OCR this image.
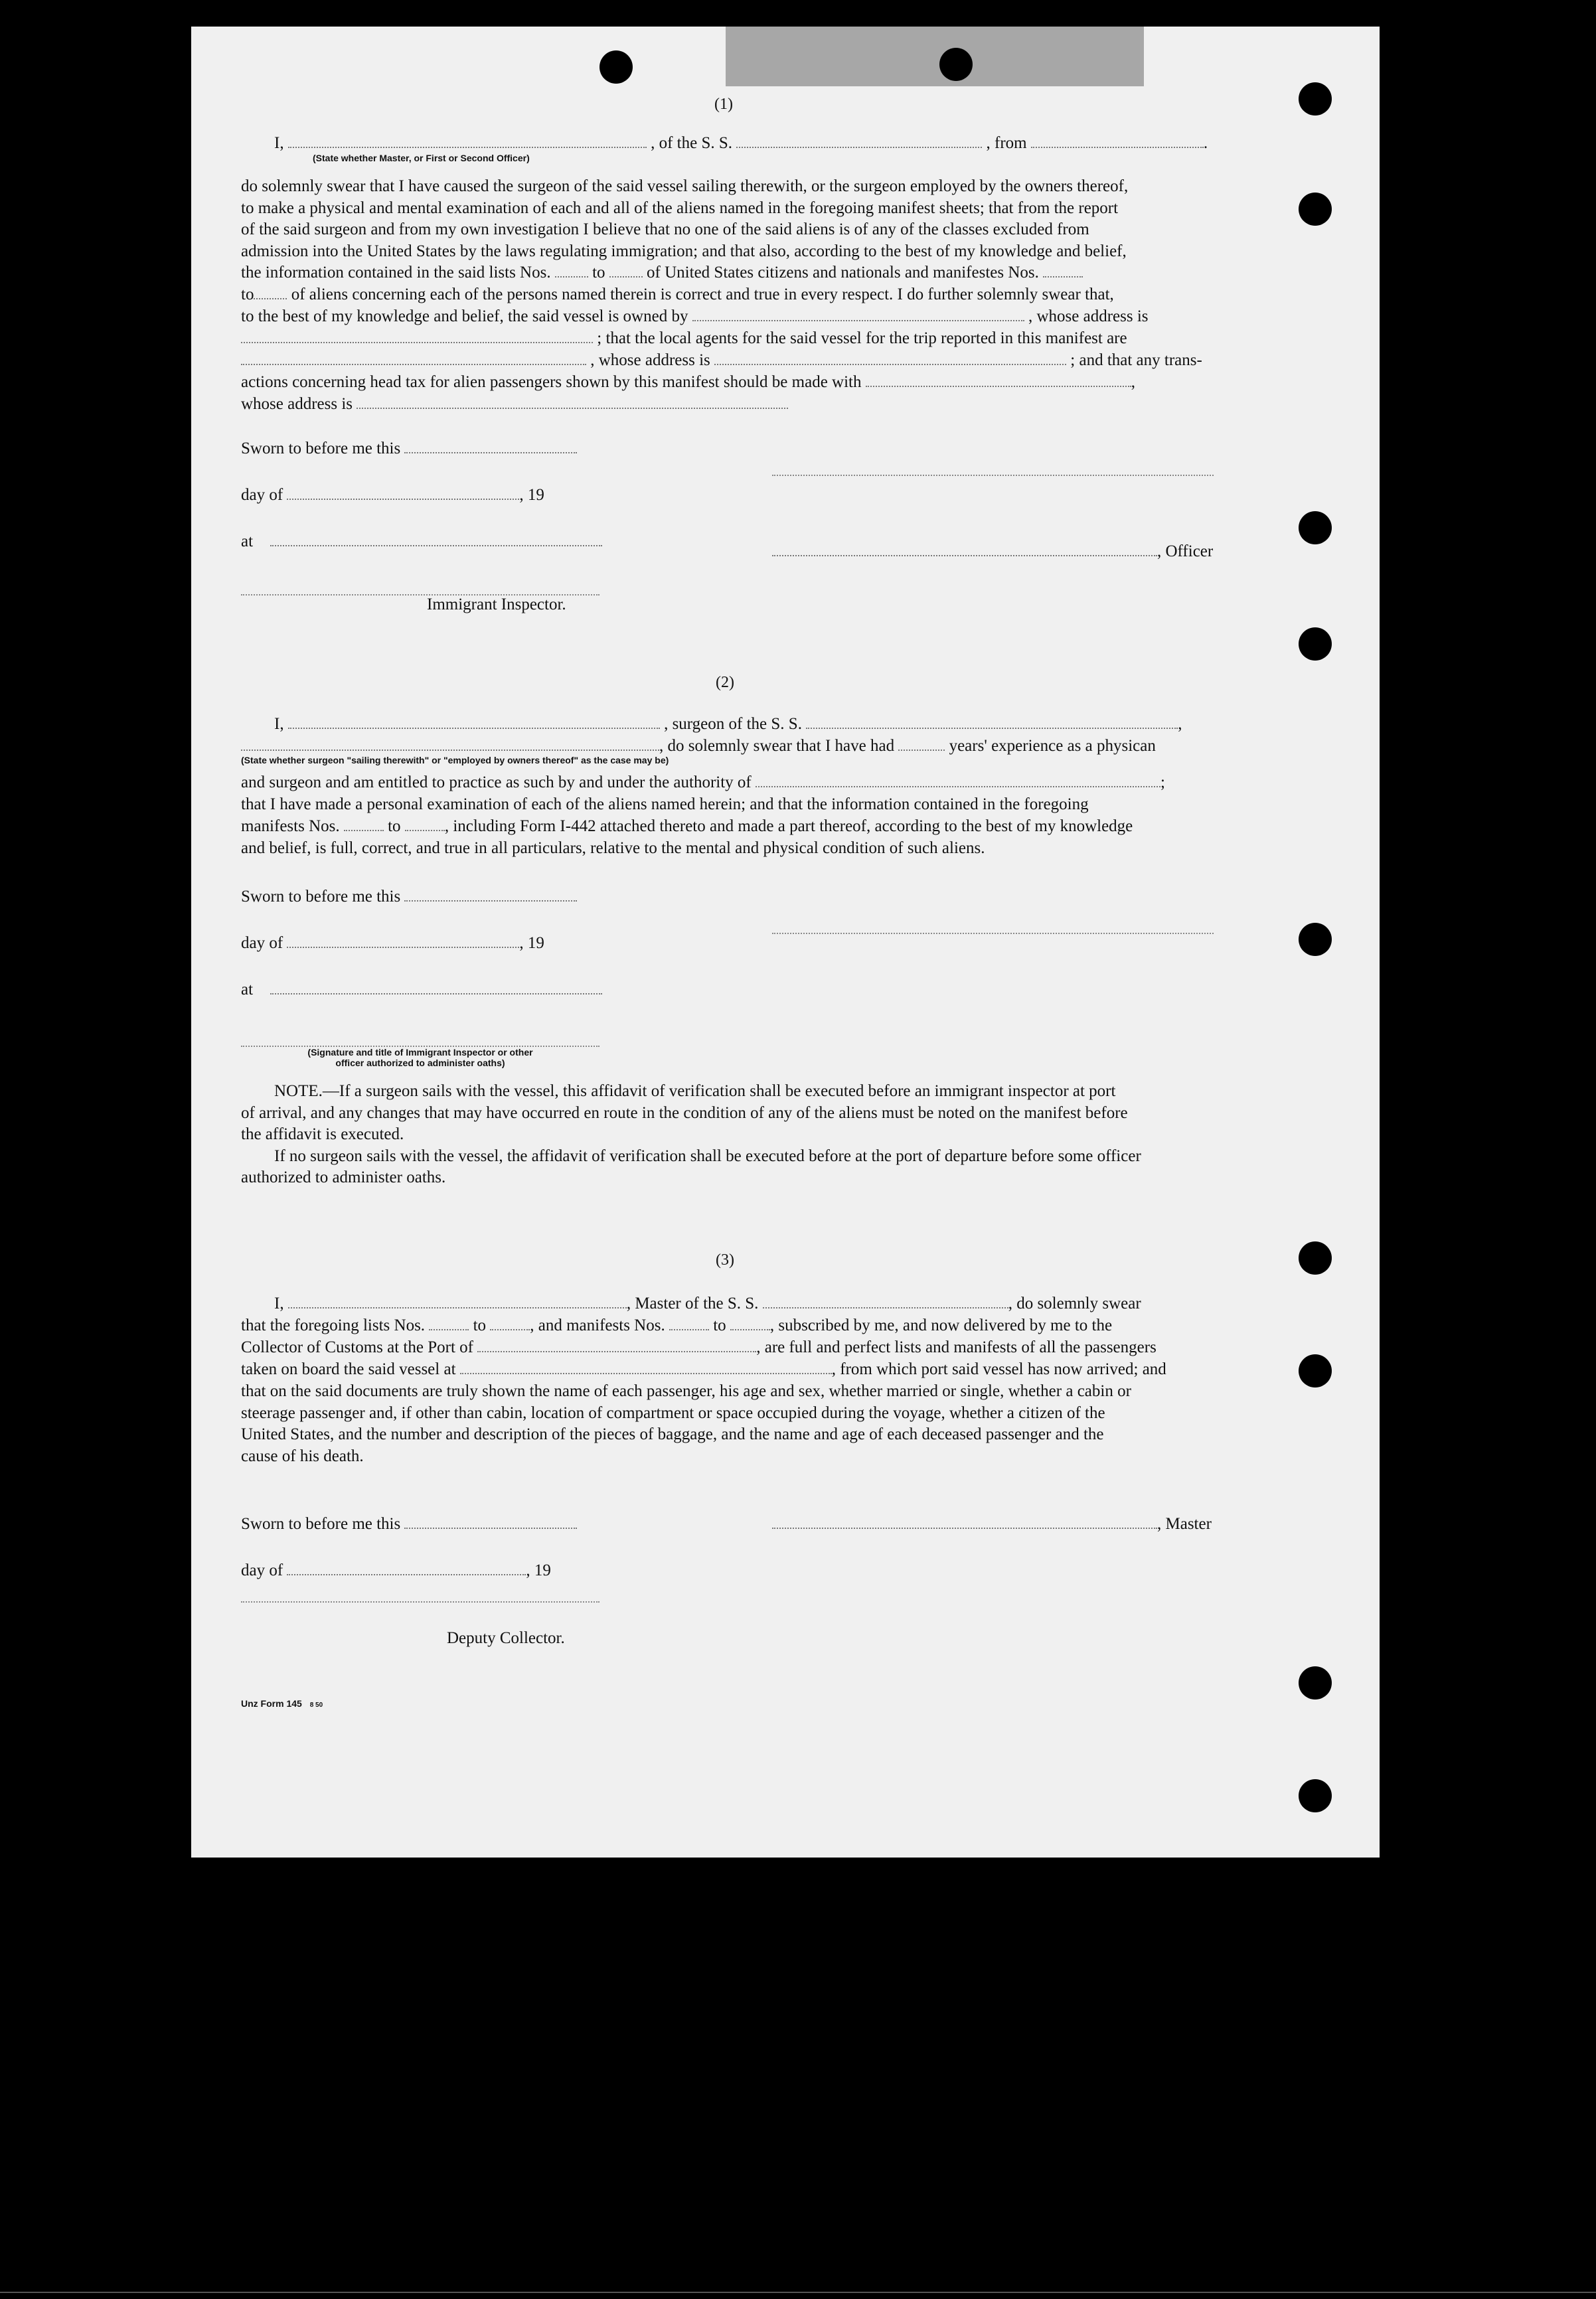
(1)
I,	, of the S. S.	, from	.
(State whether Master, or First or Second Officer)
do solemnly swear that I have caused the surgeon of the said vessel sailing therewith, or the surgeon employed by the owners thereof,
to make a physical and mental examination of each and all of the aliens named in the foregoing manifest sheets; that from the report
of the said surgeon and from my own investigation I believe that no one of the said aliens is of any of the classes excluded from
admission into the United States by the laws regulating immigration; and that also, according to the best of my knowledge and belief,
the information contained in the said lists Nos.	to	of United States citizens and nationals and manifestes Nos.
to of aliens concerning each of the persons named therein is correct and true in every respect. I do further solemnly swear that,
to the best of my knowledge and belief, the said vessel is owned by	, whose address is
; that the local agents for the said vessel for the trip reported in this manifest are
, whose address is	; and that any trans-
actions concerning head tax for alien passengers shown by this manifest should be made with	,
whose address is
Sworn to before me this
day of	, 19
at
, Officer
Immigrant Inspector.
(2)
I,	, surgeon of the S. S.	,
, do solemnly swear that I have had	years' experience as a physican
(State whether surgeon "sailing therewith" or "employed by owners thereof" as the case may be)
and surgeon and am entitled to practice as such by and under the authority of	;
that I have made a personal examination of each of the aliens named herein; and that the information contained in the foregoing
manifests Nos.	to	, including Form I-442 attached thereto and made a part thereof, according to the best of my knowledge
and belief, is full, correct, and true in all particulars, relative to the mental and physical condition of such aliens.
Sworn to before me this
day of	, 19
at
(Signature and title of Immigrant Inspector or other
officer authorized to administer oaths)
NOTE.—If a surgeon sails with the vessel, this affidavit of verification shall be executed before an immigrant inspector at port
of arrival, and any changes that may have occurred en route in the condition of any of the aliens must be noted on the manifest before
the affidavit is executed.
If no surgeon sails with the vessel, the affidavit of verification shall be executed before at the port of departure before some officer
authorized to administer oaths.
(3)
I,	, Master of the S. S.	, do solemnly swear
that the foregoing lists Nos.	to	, and manifests Nos.	to	, subscribed by me, and now delivered by me to the
Collector of Customs at the Port of	, are full and perfect lists and manifests of all the passengers
taken on board the said vessel at	, from which port said vessel has now arrived; and
that on the said documents are truly shown the name of each passenger, his age and sex, whether married or single, whether a cabin or
steerage passenger and, if other than cabin, location of compartment or space occupied during the voyage, whether a citizen of the
United States, and the number and description of the pieces of baggage, and the name and age of each deceased passenger and the
cause of his death.
Sworn to before me this	, Master
day of	, 19
Deputy Collector.
Unz Form 145 8 50
